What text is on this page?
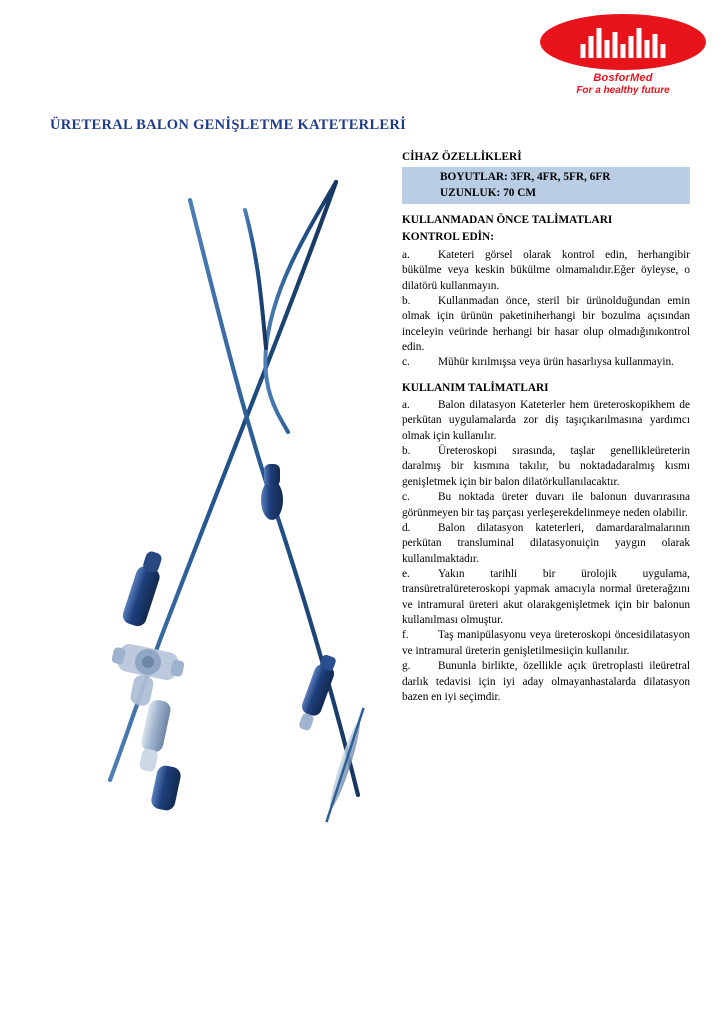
BosforMed
For a healthy future
ÜRETERAL BALON GENİŞLETME KATETERLERİ
CİHAZ ÖZELLİKLERİ
BOYUTLAR: 3FR, 4FR, 5FR, 6FR
UZUNLUK: 70 CM
KULLANMADAN ÖNCE TALİMATLARI
KONTROL EDİN:

a. Kateteri görsel olarak kontrol edin, herhangibir bükülme veya keskin bükülme olmamalıdır.Eğer öyleyse, o dilatörü kullanmayın.

b. Kullanmadan önce, steril bir ürünolduğundan emin olmak için ürünün paketiniherhangi bir bozulma açısından inceleyin veürinde herhangi bir hasar olup olmadığınıkontrol edin.

c. Mühür kırılmışsa veya ürün hasarlıysa kullanmayin.

KULLANIM TALİMATLARI

a. Balon dilatasyon Kateterler hem üreteroskopikhem de perkütan uygulamalarda zor diş taşıçıkarılmasına yardımcı olmak için kullanılır.

b. Üreteroskopi sırasında, taşlar genellikleüreterin daralmış bir kısmına takılır, bu noktadadaralmış kısmı genişletmek için bir balon dilatörkullanılacaktır.

c. Bu noktada üreter duvarı ile balonun duvarırasına görünmeyen bir taş parçası yerleşerekdelinmeye neden olabilir.

d. Balon dilatasyon kateterleri, damardaralmalarının perkütan transluminal dilatasyonuiçin yaygın olarak kullanılmaktadır.

e. Yakın tarihli bir ürolojik uygulama, transüretralüreteroskopi yapmak amacıyla normal üreterağzını ve intramural üreteri akut olarakgenişletmek için bir balonun kullanılması olmuştur.

f.	Taş manipülasyonu veya üreteroskopi öncesidilatasyon ve intramural üreterin genişletilmesiiçin kullanılır.

g. Bununla birlikte, özellikle açık üretroplasti ileüretral darlık tedavisi için iyi aday olmayanhastalarda dilatasyon bazen en iyi seçimdir.
